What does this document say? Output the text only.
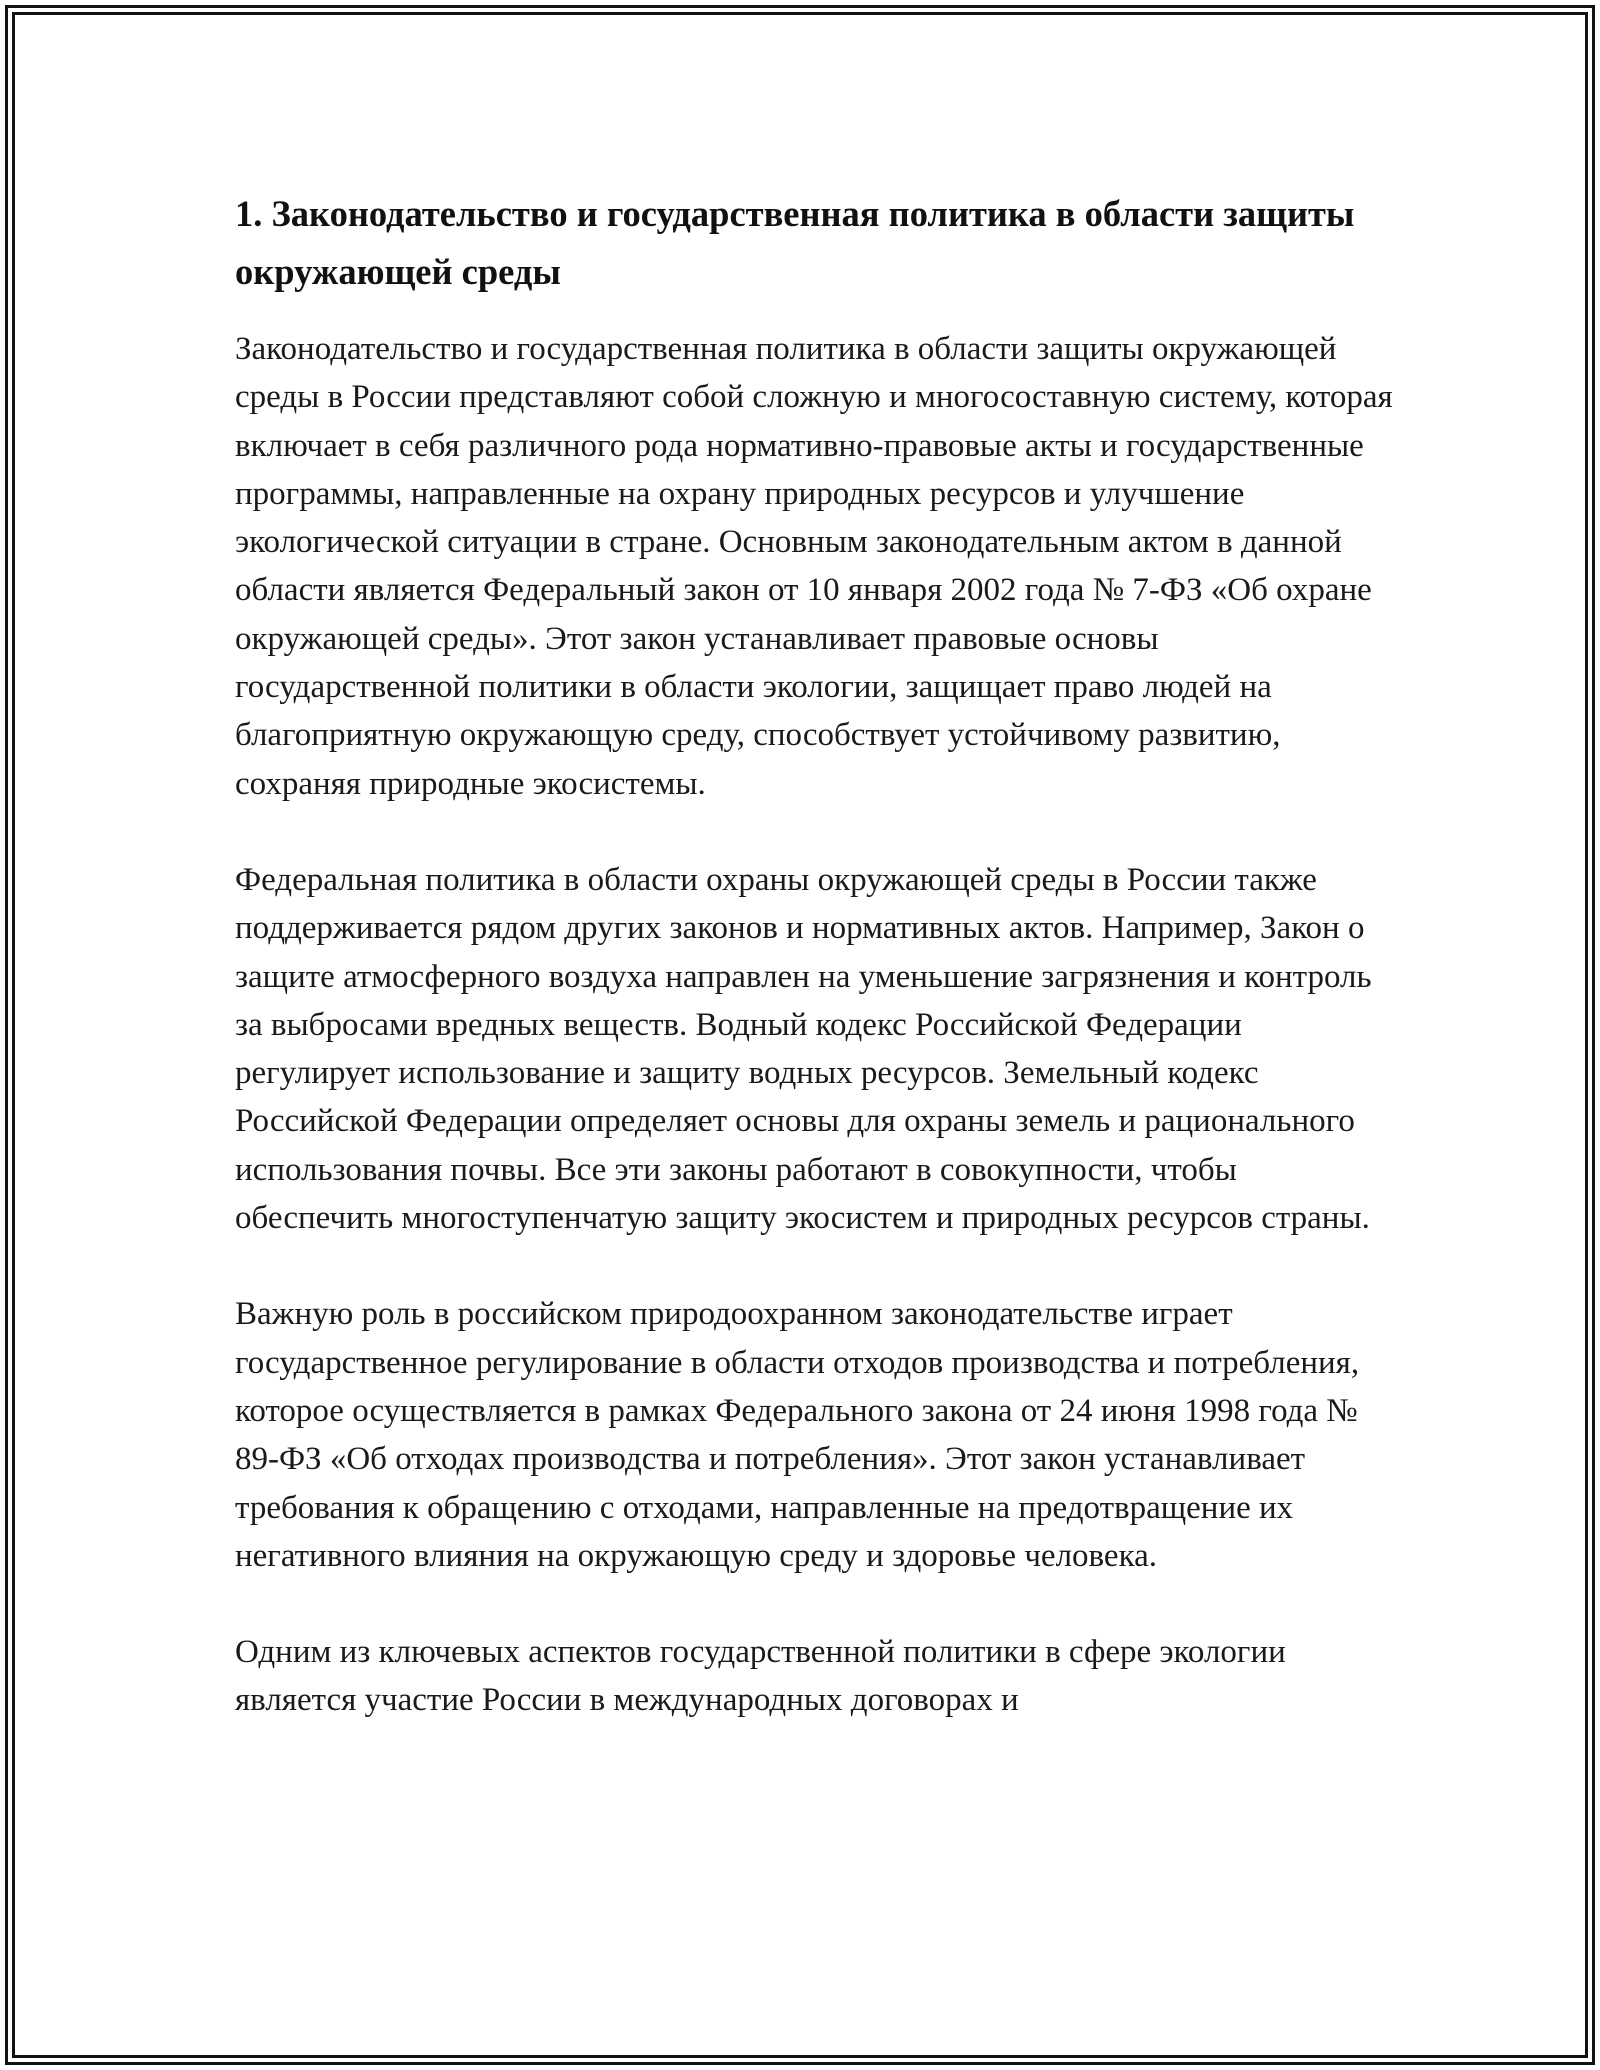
1. Законодательство и государственная политика в области защиты окружающей среды

Законодательство и государственная политика в области защиты окружающей среды в России представляют собой сложную и многосоставную систему, которая включает в себя различного рода нормативно-правовые акты и государственные программы, направленные на охрану природных ресурсов и улучшение экологической ситуации в стране. Основным законодательным актом в данной области является Федеральный закон от 10 января 2002 года № 7-ФЗ «Об охране окружающей среды». Этот закон устанавливает правовые основы государственной политики в области экологии, защищает право людей на благоприятную окружающую среду, способствует устойчивому развитию, сохраняя природные экосистемы.

Федеральная политика в области охраны окружающей среды в России также поддерживается рядом других законов и нормативных актов. Например, Закон о защите атмосферного воздуха направлен на уменьшение загрязнения и контроль за выбросами вредных веществ. Водный кодекс Российской Федерации регулирует использование и защиту водных ресурсов. Земельный кодекс Российской Федерации определяет основы для охраны земель и рационального использования почвы. Все эти законы работают в совокупности, чтобы обеспечить многоступенчатую защиту экосистем и природных ресурсов страны.

Важную роль в российском природоохранном законодательстве играет государственное регулирование в области отходов производства и потребления, которое осуществляется в рамках Федерального закона от 24 июня 1998 года № 89-ФЗ «Об отходах производства и потребления». Этот закон устанавливает требования к обращению с отходами, направленные на предотвращение их негативного влияния на окружающую среду и здоровье человека.

Одним из ключевых аспектов государственной политики в сфере экологии является участие России в международных договорах и
